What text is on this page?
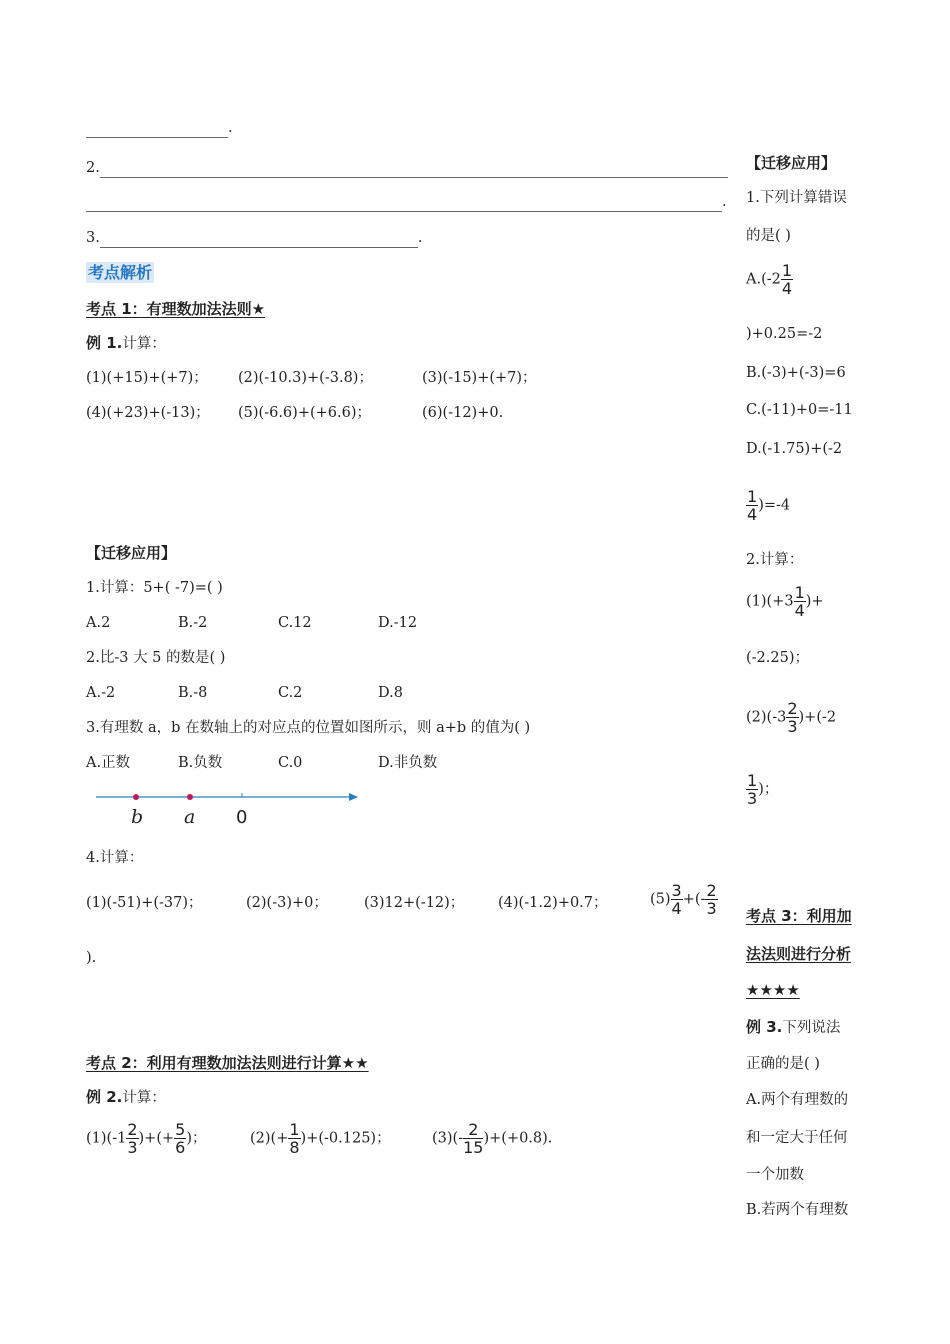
.
2.
.
3.	.
考点解析
考点 1：有理数加法法则★
例 1.计算：
(1)(+15)+(+7)； (2)(-10.3)+(-3.8)；	(3)(-15)+(+7)；
(4)(+23)+(-13)； (5)(-6.6)+(+6.6)；	(6)(-12)+0.
【迁移应用】
1.计算：5+( -7)=( )
A.2	B.-2	C.12	D.-12
2.比-3 大 5 的数是( )
A.-2	B.-8	C.2	D.8
3.有理数 a，b 在数轴上的对应点的位置如图所示，则 a+b 的值为( )
A.正数	B.负数	C.0	D.非负数
b a 0
4.计算：
(1)(-51)+(-37)；	(2)(-3)+0； (3)12+(-12)； (4)(-1.2)+0.7；	$(5) \frac{3}{4}$ +(- $\frac{2}{3}$
).
考点 2：利用有理数加法法则进行计算★★
例 2.计算：
$(1)(-1 \frac{2}{3}$ )+(+ $\frac{5}{6}$ )；	$(2)(+ \frac{1}{8} )+(-0.125)$；	$(3)(- \frac{2}{15} )+(+0.8)$.
【迁移应用】
1.下列计算错误
的是( )
$A.(-2 \frac{1}{4}$
)+0.25=-2
B.(-3)+(-3)=6
C.(-11)+0=-11
D.(-1.75)+(-2
$\frac{1}{4} )=-4$
2.计算：
$(1)(+3 \frac{1}{4}$ )+
(-2.25)；
$(2)(-3 \frac{2}{3} )+(-2$
$\frac{1}{3}$ )；
考点 3：利用加
法法则进行分析
★★★★
例 3.下列说法
正确的是( )
A.两个有理数的
和一定大于任何
一个加数
B.若两个有理数
